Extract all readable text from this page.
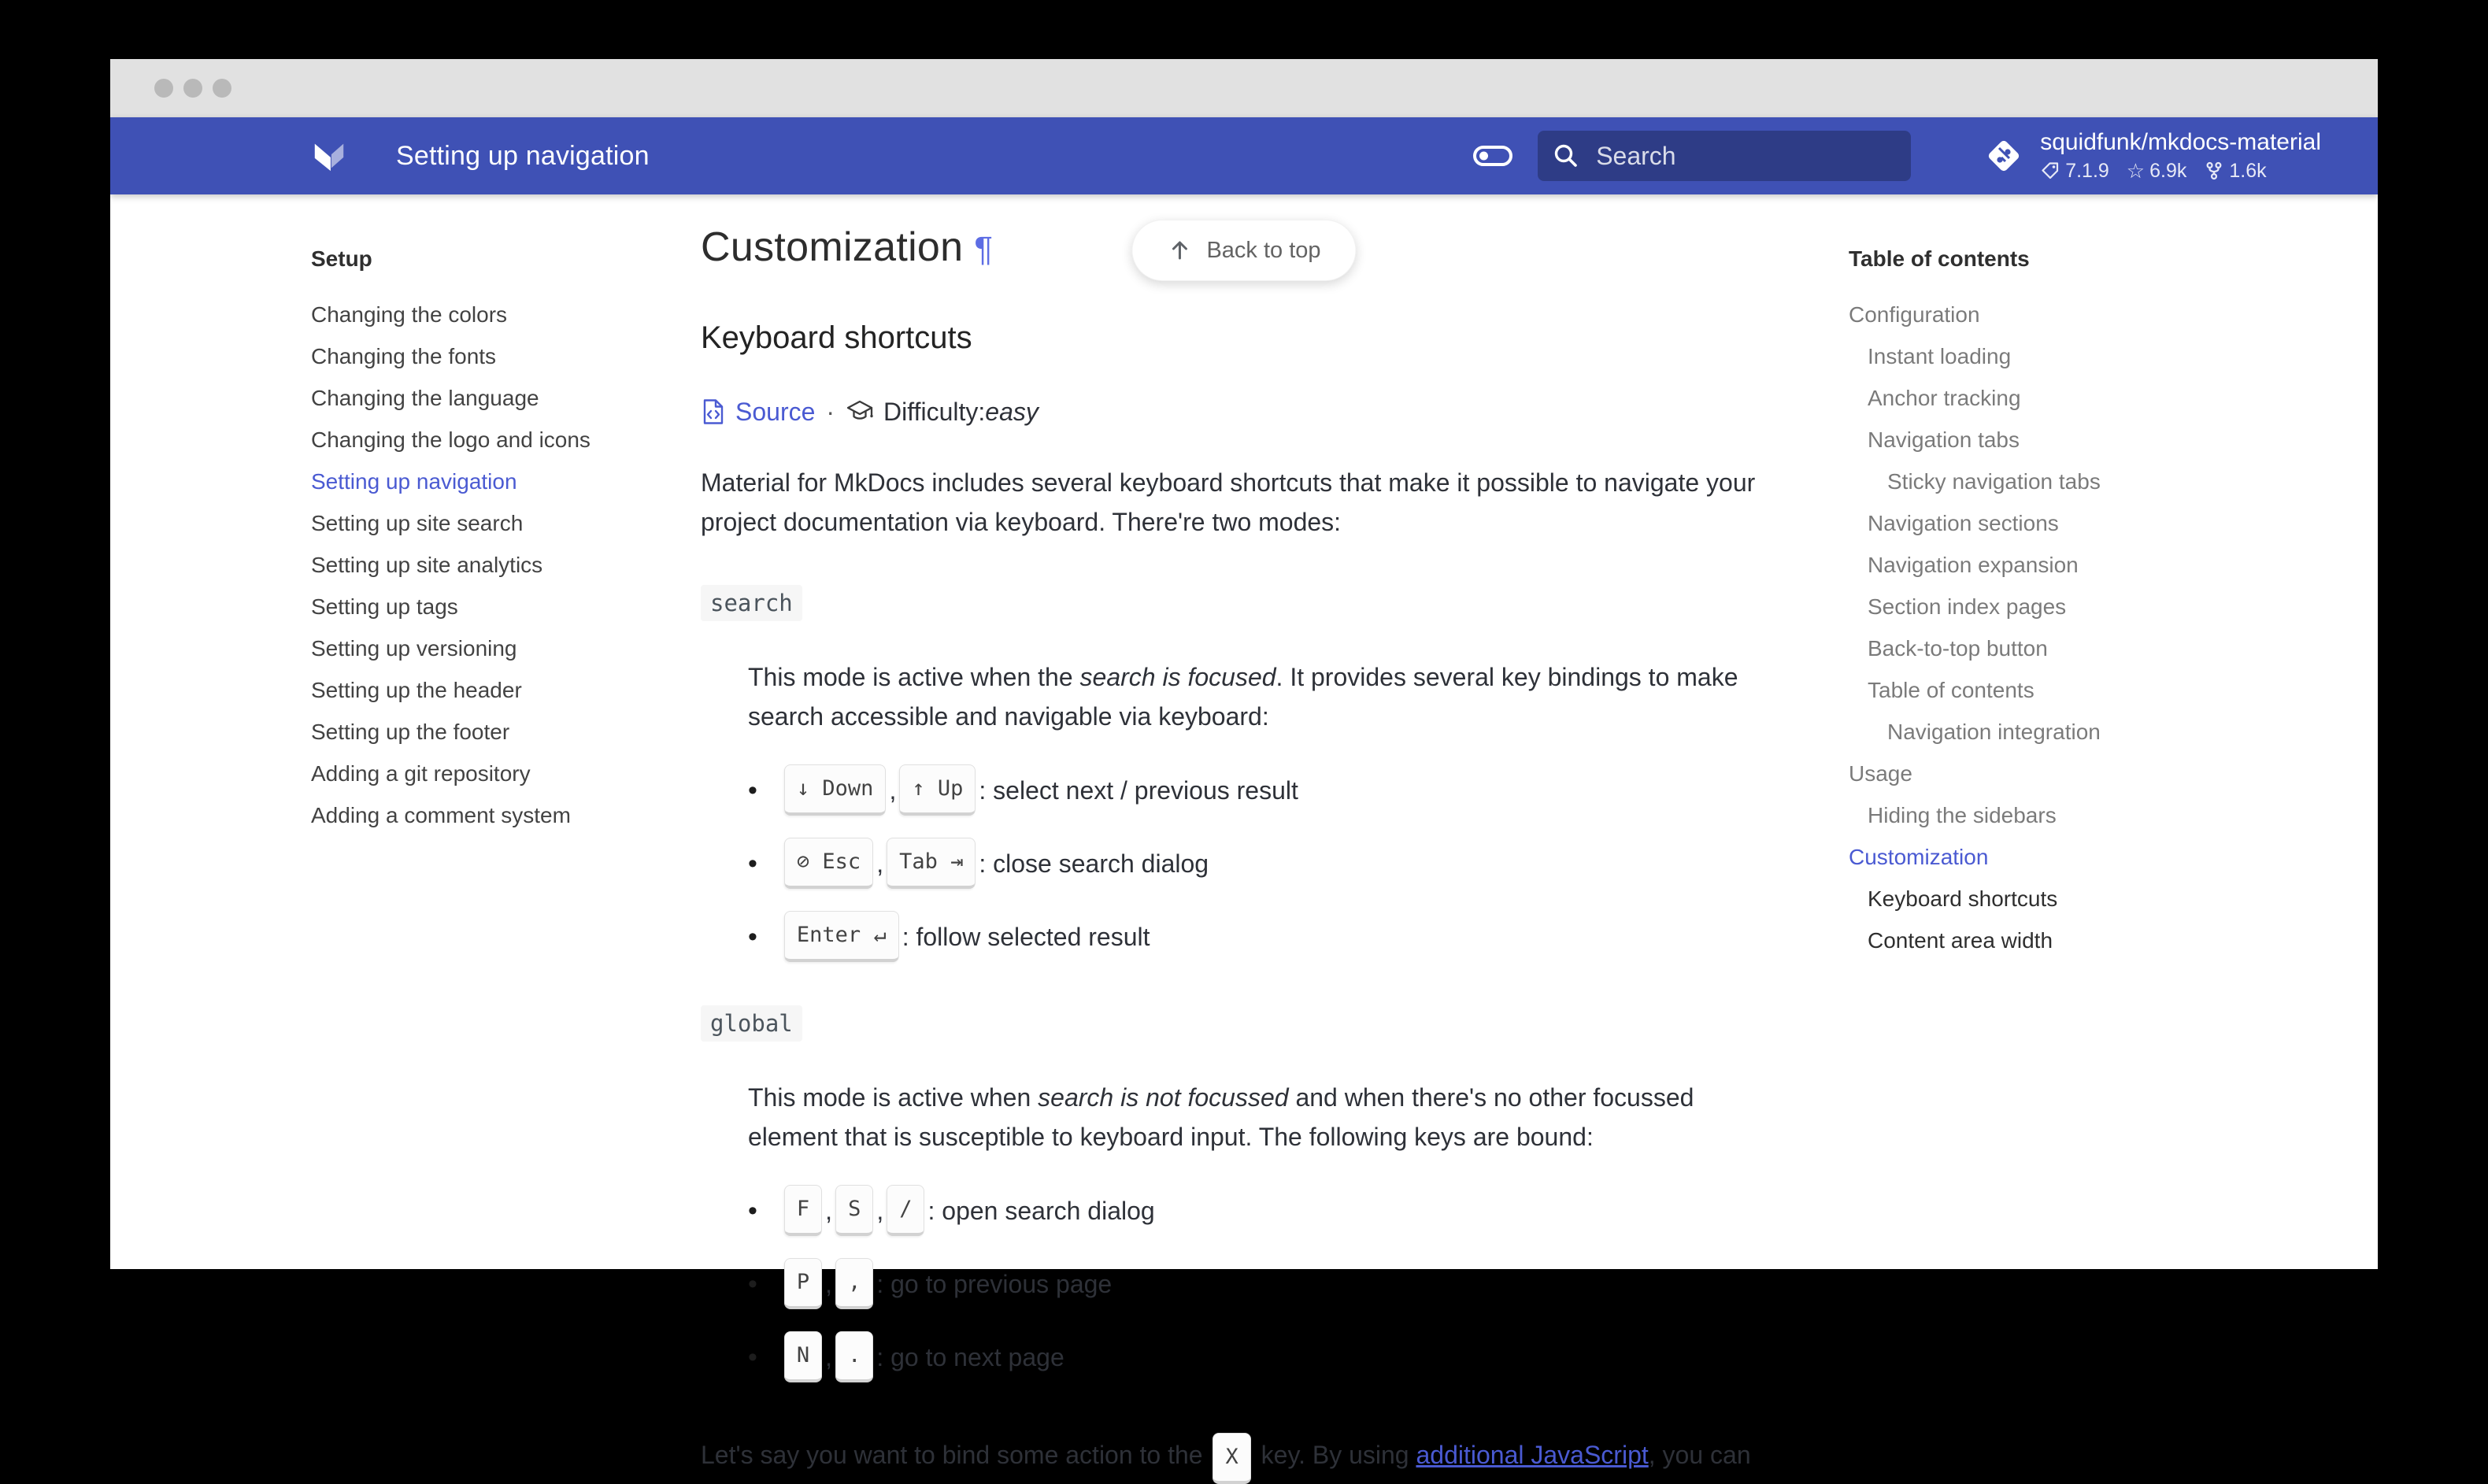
Setting up navigation
Search	squidfunk/mkdocs-material
7.1.9 ☆ 6.9k 1.6k
Back to top
Setup
Changing the colors
Changing the fonts
Changing the language
Changing the logo and icons
Setting up navigation
Setting up site search
Setting up site analytics
Setting up tags
Setting up versioning
Setting up the header
Setting up the footer
Adding a git repository
Adding a comment system
Customization ¶
Keyboard shortcuts
Source · Difficulty: easy

Material for MkDocs includes several keyboard shortcuts that make it possible to navigate your project documentation via keyboard. There're two modes:

search

This mode is active when the search is focused. It provides several key bindings to make search accessible and navigable via keyboard:

• ↓ Down , ↑ Up : select next / previous result
• ⊘ Esc , Tab ⇥ : close search dialog
• Enter ↵ : follow selected result
global

This mode is active when search is not focussed and when there's no other focussed element that is susceptible to keyboard input. The following keys are bound:

• F , S , / : open search dialog
• P , , : go to previous page
• N , . : go to next page

Let's say you want to bind some action to the X key. By using additional JavaScript, you can

Table of contents
Configuration
Instant loading
Anchor tracking
Navigation tabs
Sticky navigation tabs
Navigation sections
Navigation expansion
Section index pages
Back-to-top button
Table of contents
Navigation integration
Usage
Hiding the sidebars
Customization
Keyboard shortcuts
Content area width
